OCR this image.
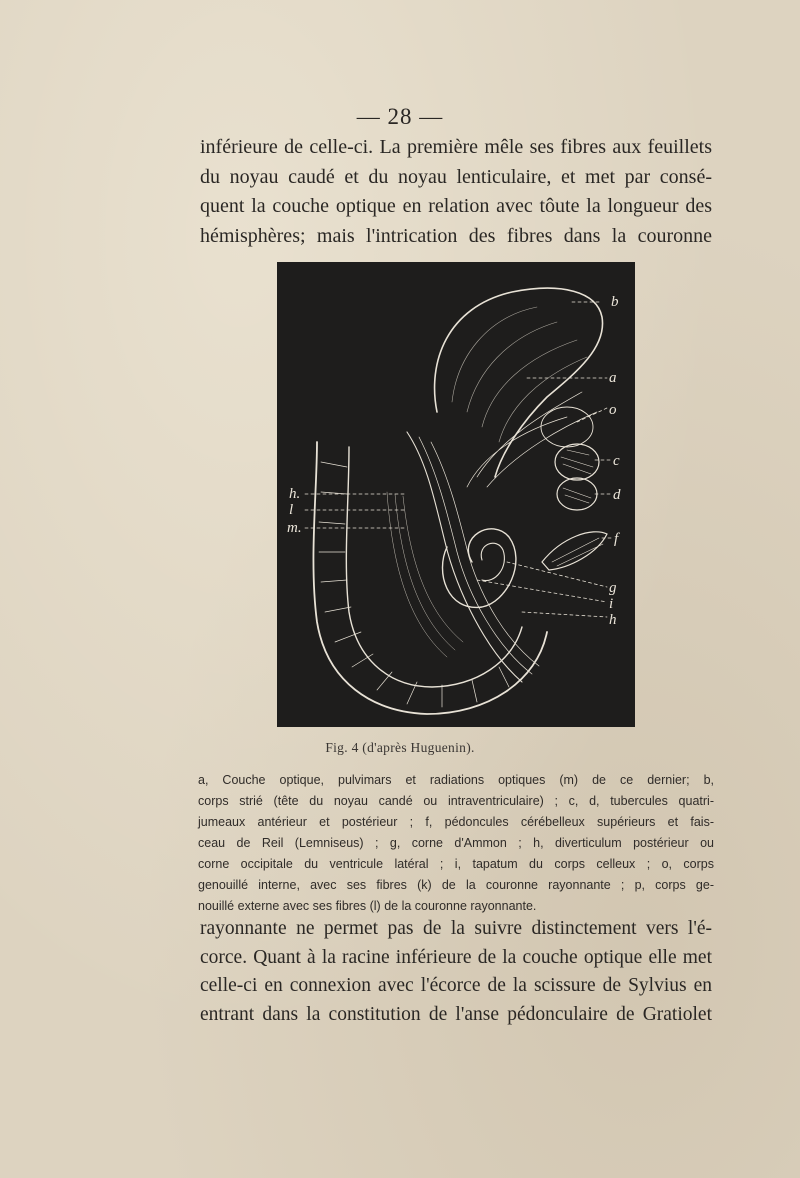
— 28 —
inférieure de celle-ci. La première mêle ses fibres aux feuillets
du noyau caudé et du noyau lenticulaire, et met par consé-
quent la couche optique en relation avec tôute la longueur des
hémisphères; mais l'intrication des fibres dans la couronne
b
a
o
c
d
f
g
i
h
h.
l
m.
Fig. 4 (d'après Huguenin).
a, Couche optique, pulvimars et radiations optiques (m) de ce dernier; b,
corps strié (tête du noyau candé ou intraventriculaire) ; c, d, tubercules quatri-
jumeaux antérieur et postérieur ; f, pédoncules cérébelleux supérieurs et fais-
ceau de Reil (Lemniseus) ; g, corne d'Ammon ; h, diverticulum postérieur ou
corne occipitale du ventricule latéral ; i, tapatum du corps celleux ; o, corps
genouillé interne, avec ses fibres (k) de la couronne rayonnante ; p, corps ge-
nouillé externe avec ses fibres (l) de la couronne rayonnante.
rayonnante ne permet pas de la suivre distinctement vers l'é-
corce. Quant à la racine inférieure de la couche optique elle met
celle-ci en connexion avec l'écorce de la scissure de Sylvius en
entrant dans la constitution de l'anse pédonculaire de Gratiolet
